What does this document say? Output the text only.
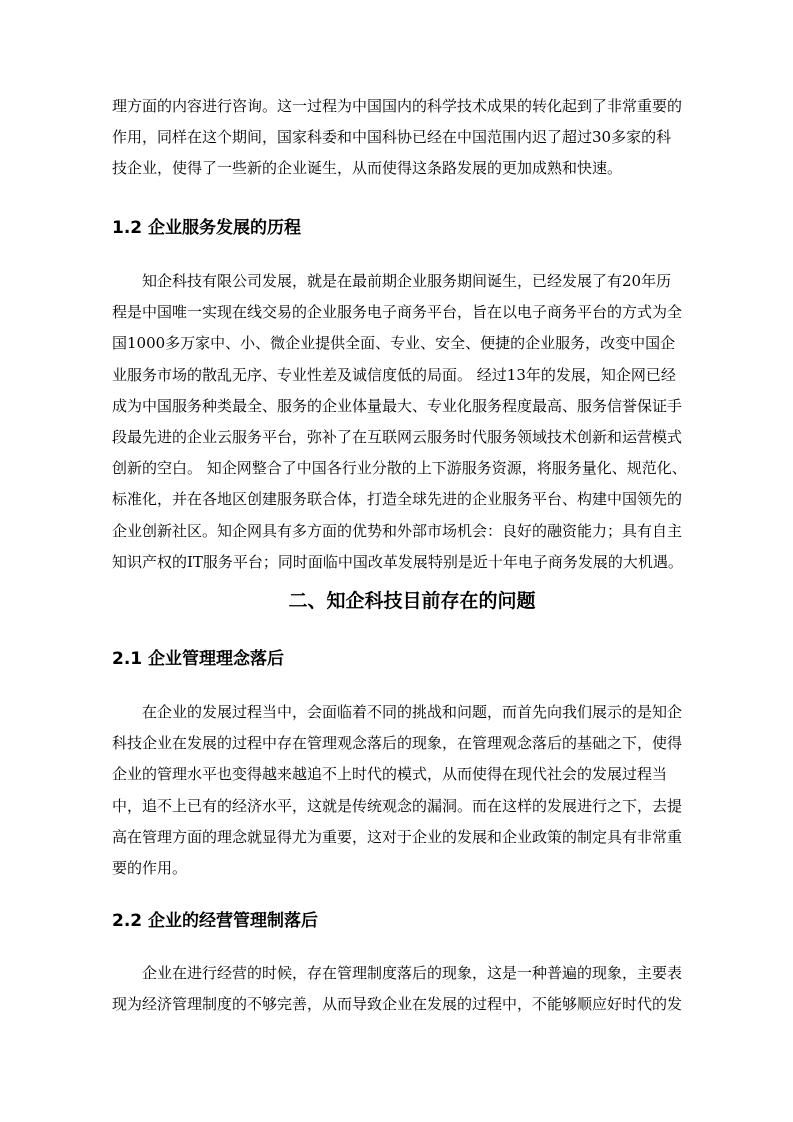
理方面的内容进行咨询。这一过程为中国国内的科学技术成果的转化起到了非常重要的
作用，同样在这个期间，国家科委和中国科协已经在中国范围内迟了超过30多家的科
技企业，使得了一些新的企业诞生，从而使得这条路发展的更加成熟和快速。
1.2 企业服务发展的历程
知企科技有限公司发展，就是在最前期企业服务期间诞生，已经发展了有20年历
程是中国唯一实现在线交易的企业服务电子商务平台，旨在以电子商务平台的方式为全
国1000多万家中、小、微企业提供全面、专业、安全、便捷的企业服务，改变中国企
业服务市场的散乱无序、专业性差及诚信度低的局面。 经过13年的发展，知企网已经
成为中国服务种类最全、服务的企业体量最大、专业化服务程度最高、服务信誉保证手
段最先进的企业云服务平台，弥补了在互联网云服务时代服务领域技术创新和运营模式
创新的空白。 知企网整合了中国各行业分散的上下游服务资源，将服务量化、规范化、
标准化，并在各地区创建服务联合体，打造全球先进的企业服务平台、构建中国领先的
企业创新社区。知企网具有多方面的优势和外部市场机会：良好的融资能力；具有自主
知识产权的IT服务平台；同时面临中国改革发展特别是近十年电子商务发展的大机遇。
二、知企科技目前存在的问题
2.1 企业管理理念落后
在企业的发展过程当中，会面临着不同的挑战和问题，而首先向我们展示的是知企
科技企业在发展的过程中存在管理观念落后的现象，在管理观念落后的基础之下，使得
企业的管理水平也变得越来越追不上时代的模式，从而使得在现代社会的发展过程当
中，追不上已有的经济水平，这就是传统观念的漏洞。而在这样的发展进行之下，去提
高在管理方面的理念就显得尤为重要，这对于企业的发展和企业政策的制定具有非常重
要的作用。
2.2 企业的经营管理制落后
企业在进行经营的时候，存在管理制度落后的现象，这是一种普遍的现象，主要表
现为经济管理制度的不够完善，从而导致企业在发展的过程中，不能够顺应好时代的发
